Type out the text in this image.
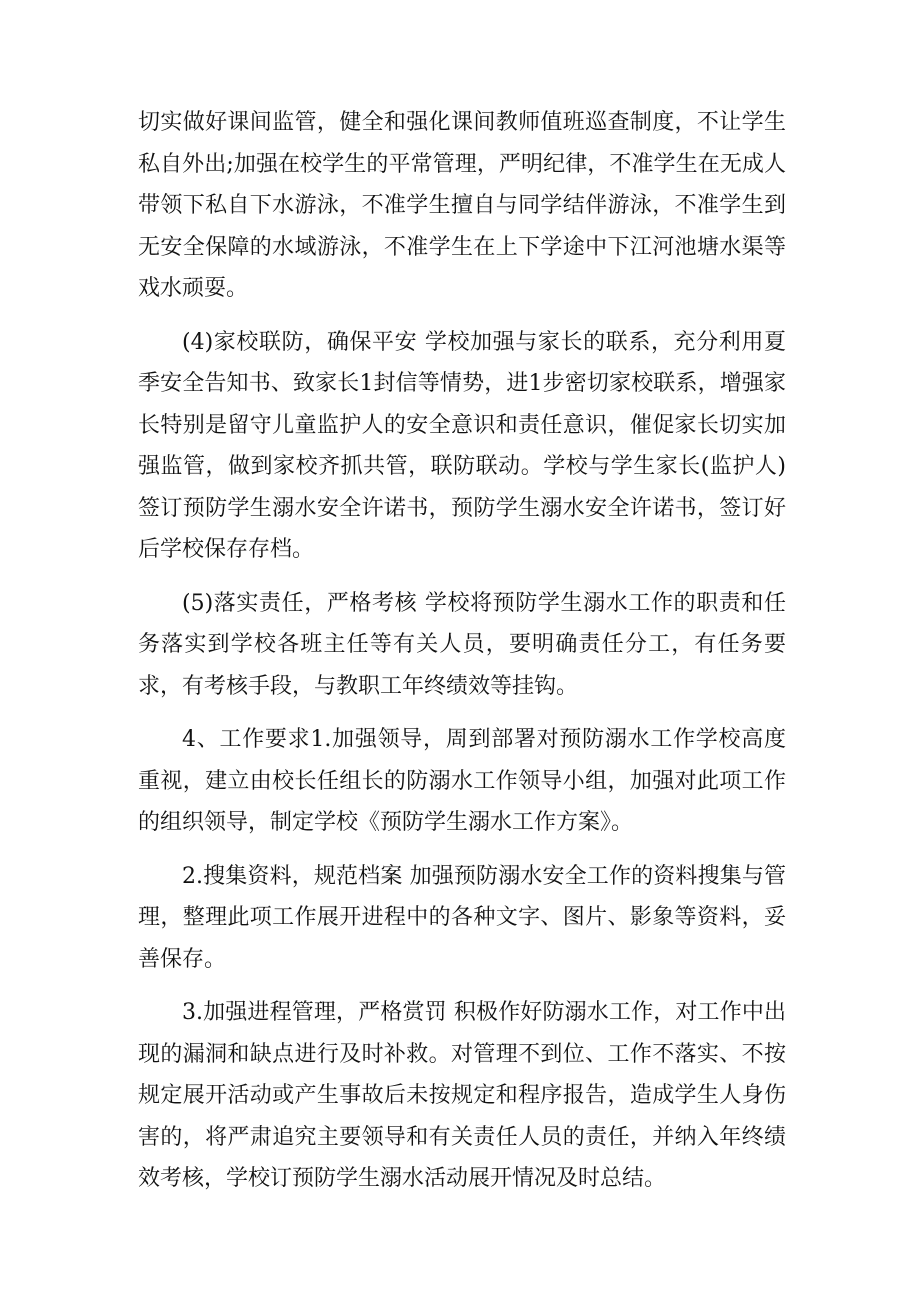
切实做好课间监管，健全和强化课间教师值班巡查制度，不让学生私自外出;加强在校学生的平常管理，严明纪律，不准学生在无成人带领下私自下水游泳，不准学生擅自与同学结伴游泳，不准学生到无安全保障的水域游泳，不准学生在上下学途中下江河池塘水渠等戏水顽耍。

(4)家校联防，确保平安 学校加强与家长的联系，充分利用夏季安全告知书、致家长1封信等情势，进1步密切家校联系，增强家长特别是留守儿童监护人的安全意识和责任意识，催促家长切实加强监管，做到家校齐抓共管，联防联动。学校与学生家长(监护人)签订预防学生溺水安全许诺书，预防学生溺水安全许诺书，签订好后学校保存存档。

(5)落实责任，严格考核 学校将预防学生溺水工作的职责和任务落实到学校各班主任等有关人员，要明确责任分工，有任务要求，有考核手段，与教职工年终绩效等挂钩。

4、工作要求1.加强领导，周到部署对预防溺水工作学校高度重视，建立由校长任组长的防溺水工作领导小组，加强对此项工作的组织领导，制定学校《预防学生溺水工作方案》。

2.搜集资料，规范档案 加强预防溺水安全工作的资料搜集与管理，整理此项工作展开进程中的各种文字、图片、影象等资料，妥善保存。

3.加强进程管理，严格赏罚 积极作好防溺水工作，对工作中出现的漏洞和缺点进行及时补救。对管理不到位、工作不落实、不按规定展开活动或产生事故后未按规定和程序报告，造成学生人身伤害的，将严肃追究主要领导和有关责任人员的责任，并纳入年终绩效考核，学校订预防学生溺水活动展开情况及时总结。
